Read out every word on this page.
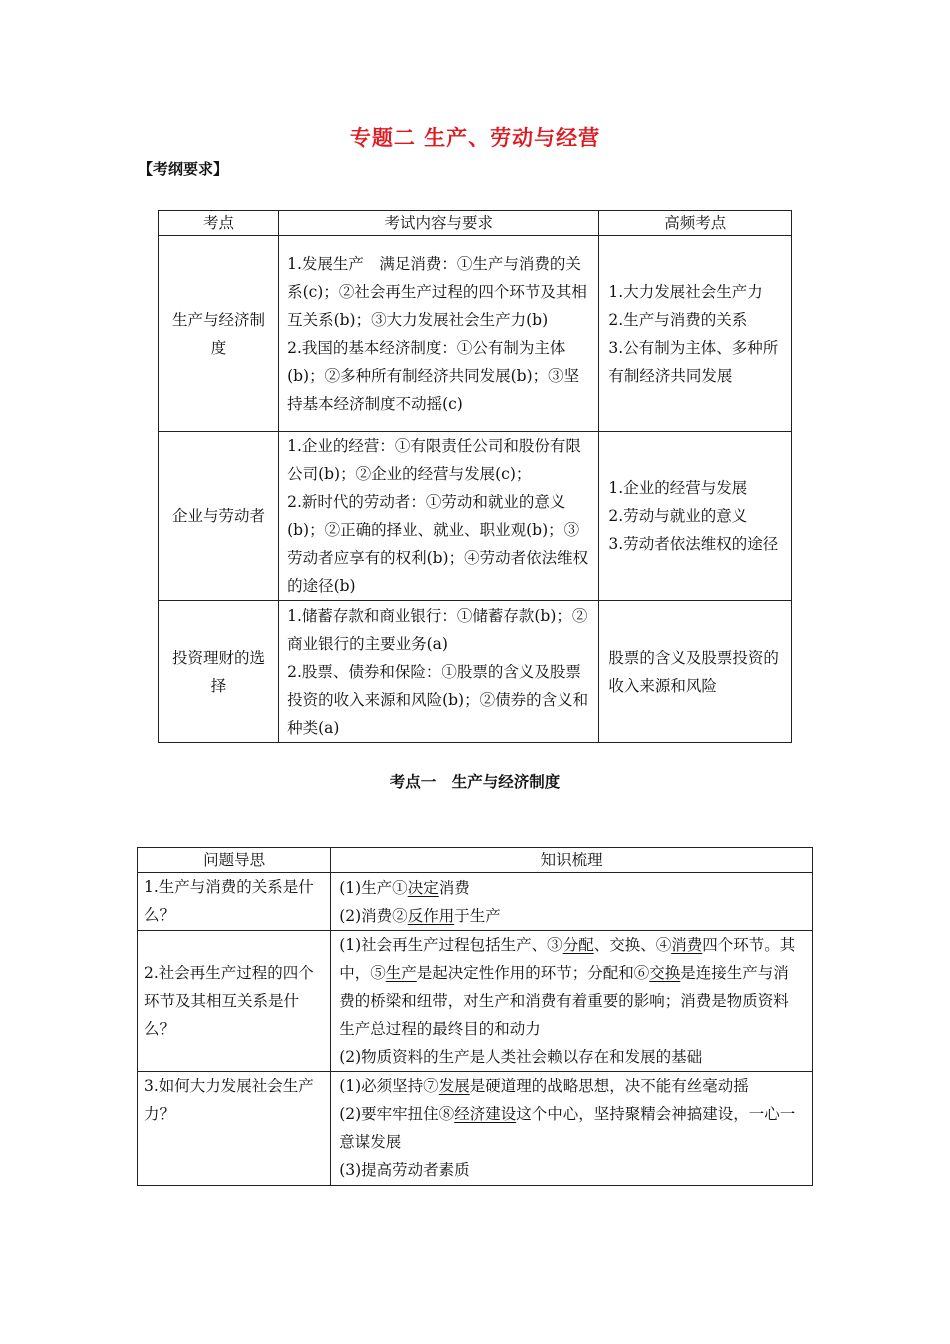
专题二 生产、劳动与经营
【考纲要求】
考点	考试内容与要求	高频考点
生产与经济制度	1.发展生产　满足消费：①生产与消费的关系(c)；②社会再生产过程的四个环节及其相互关系(b)；③大力发展社会生产力(b)
2.我国的基本经济制度：①公有制为主体(b)；②多种所有制经济共同发展(b)；③坚持基本经济制度不动摇(c)	1.大力发展社会生产力
2.生产与消费的关系
3.公有制为主体、多种所有制经济共同发展

企业与劳动者	1.企业的经营：①有限责任公司和股份有限公司(b)；②企业的经营与发展(c)；
2.新时代的劳动者：①劳动和就业的意义(b)；②正确的择业、就业、职业观(b)；③劳动者应享有的权利(b)；④劳动者依法维权的途径(b)	1.企业的经营与发展
2.劳动与就业的意义
3.劳动者依法维权的途径

投资理财的选择	1.储蓄存款和商业银行：①储蓄存款(b)；②商业银行的主要业务(a)
2.股票、债券和保险：①股票的含义及股票投资的收入来源和风险(b)；②债券的含义和种类(a)	股票的含义及股票投资的收入来源和风险
考点一　生产与经济制度
问题导思	知识梳理
1.生产与消费的关系是什么？	(1)生产①决定消费
(2)消费②反作用于生产

2.社会再生产过程的四个环节及其相互关系是什么？	(1)社会再生产过程包括生产、③分配、交换、④消费四个环节。其中，⑤生产是起决定性作用的环节；分配和⑥交换是连接生产与消费的桥梁和纽带，对生产和消费有着重要的影响；消费是物质资料生产总过程的最终目的和动力
(2)物质资料的生产是人类社会赖以存在和发展的基础

3.如何大力发展社会生产力？	(1)必须坚持⑦发展是硬道理的战略思想，决不能有丝毫动摇
(2)要牢牢扭住⑧经济建设这个中心，坚持聚精会神搞建设，一心一意谋发展
(3)提高劳动者素质
